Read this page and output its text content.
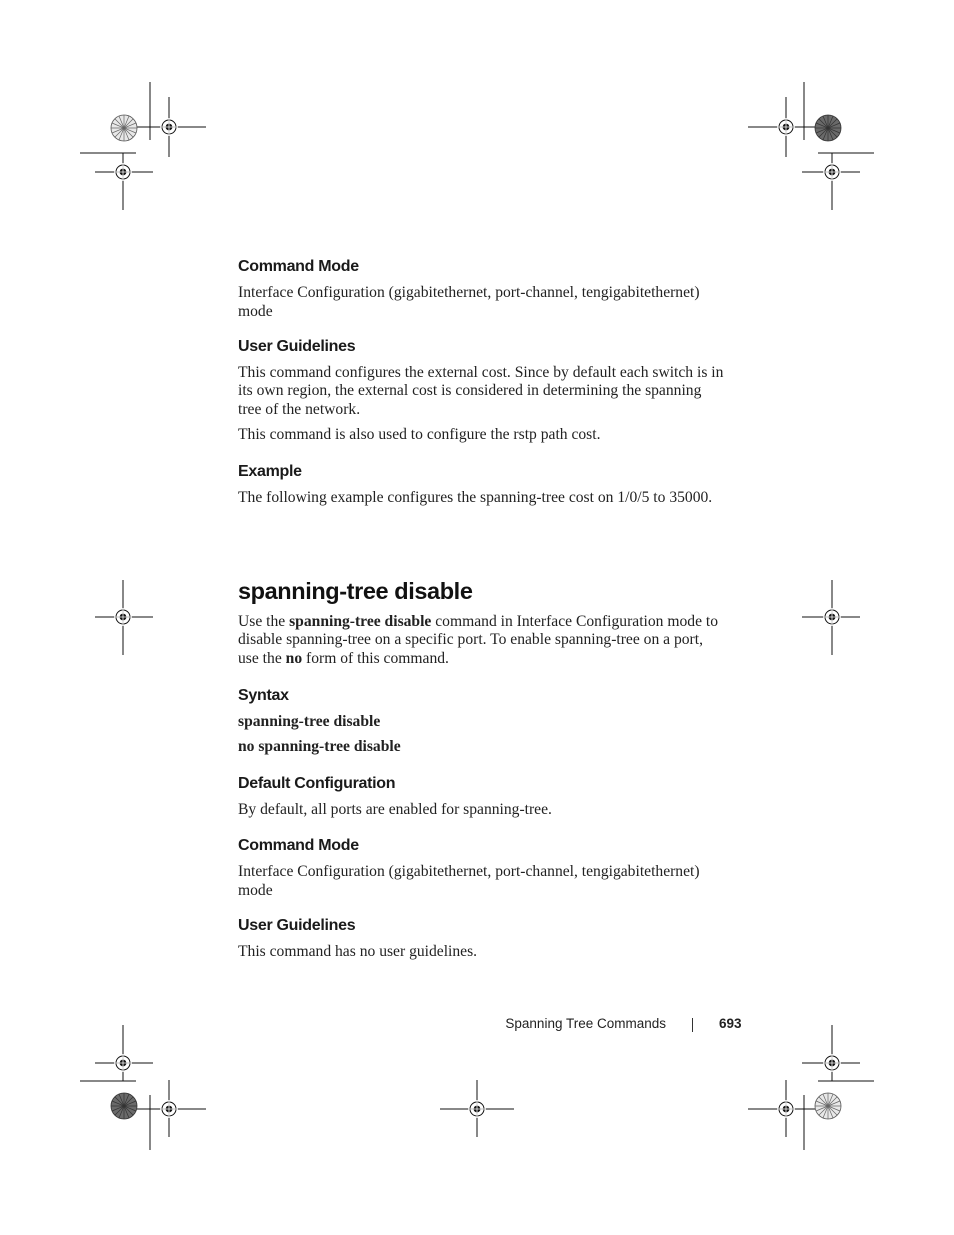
Command Mode

Interface Configuration (gigabitethernet, port-channel, tengigabitethernet)
mode

User Guidelines

This command configures the external cost. Since by default each switch is in
its own region, the external cost is considered in determining the spanning
tree of the network.

This command is also used to configure the rstp path cost.

Example

The following example configures the spanning-tree cost on 1/0/5 to 35000.

spanning-tree disable

Use the spanning-tree disable command in Interface Configuration mode to
disable spanning-tree on a specific port. To enable spanning-tree on a port,
use the no form of this command.

Syntax

spanning-tree disable

no spanning-tree disable

Default Configuration

By default, all ports are enabled for spanning-tree.

Command Mode

Interface Configuration (gigabitethernet, port-channel, tengigabitethernet)
mode

User Guidelines

This command has no user guidelines.

Spanning Tree Commands	693
